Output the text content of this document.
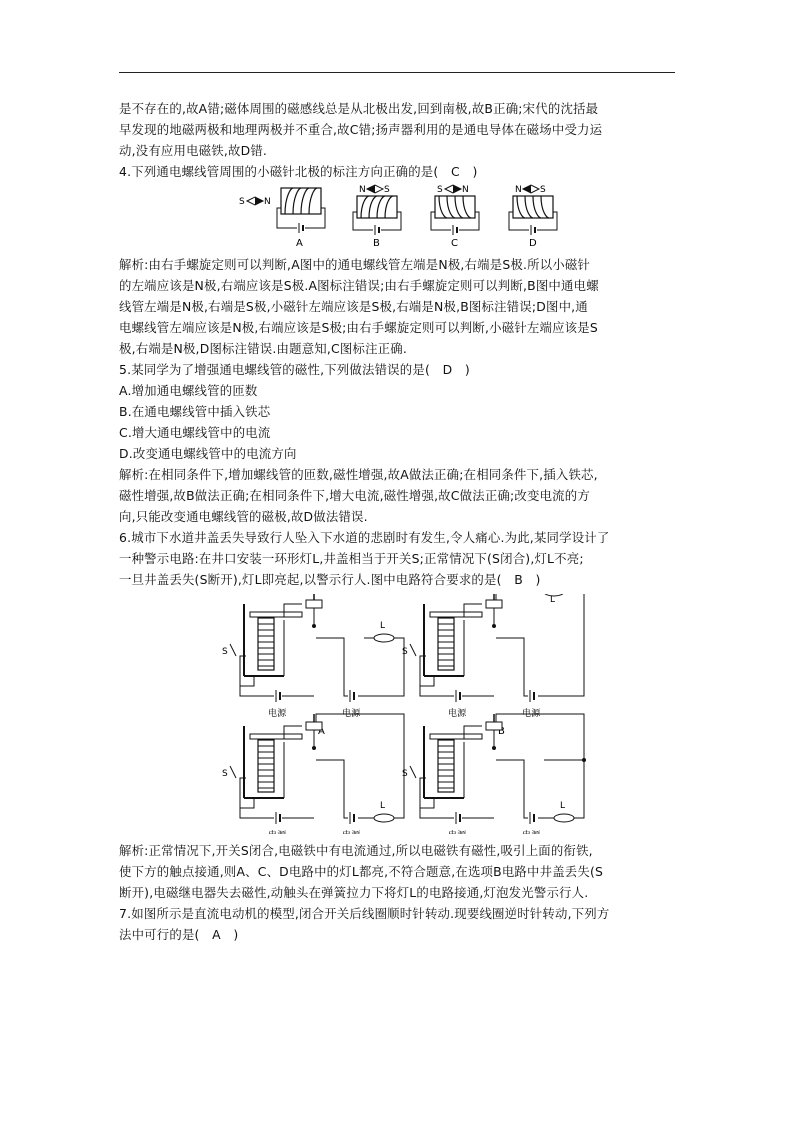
是不存在的,故A错;磁体周围的磁感线总是从北极出发,回到南极,故B正确;宋代的沈括最

早发现的地磁两极和地理两极并不重合,故C错;扬声器利用的是通电导体在磁场中受力运

动,没有应用电磁铁,故D错.

4.下列通电螺线管周围的小磁针北极的标注方向正确的是(　C　)

S N
A
N S
B
S N
C
N S
D

解析:由右手螺旋定则可以判断,A图中的通电螺线管左端是N极,右端是S极.所以小磁针

的左端应该是N极,右端应该是S极.A图标注错误;由右手螺旋定则可以判断,B图中通电螺

线管左端是N极,右端是S极,小磁针左端应该是S极,右端是N极,B图标注错误;D图中,通

电螺线管左端应该是N极,右端应该是S极;由右手螺旋定则可以判断,小磁针左端应该是S

极,右端是N极,D图标注错误.由题意知,C图标注正确.

5.某同学为了增强通电螺线管的磁性,下列做法错误的是(　D　)

A.增加通电螺线管的匝数

B.在通电螺线管中插入铁芯

C.增大通电螺线管中的电流

D.改变通电螺线管中的电流方向

解析:在相同条件下,增加螺线管的匝数,磁性增强,故A做法正确;在相同条件下,插入铁芯,

磁性增强,故B做法正确;在相同条件下,增大电流,磁性增强,故C做法正确;改变电流的方

向,只能改变通电螺线管的磁极,故D做法错误.

6.城市下水道井盖丢失导致行人坠入下水道的悲剧时有发生,令人痛心.为此,某同学设计了

一种警示电路:在井口安装一环形灯L,井盖相当于开关S;正常情况下(S闭合),灯L不亮;

一旦井盖丢失(S断开),灯L即亮起,以警示行人.图中电路符合要求的是(　B　)

S
电源	电源
L
A
S
电源	电源
L
B
S
L
S
L

解析:正常情况下,开关S闭合,电磁铁中有电流通过,所以电磁铁有磁性,吸引上面的衔铁,

使下方的触点接通,则A、C、D电路中的灯L都亮,不符合题意,在选项B电路中井盖丢失(S

断开),电磁继电器失去磁性,动触头在弹簧拉力下将灯L的电路接通,灯泡发光警示行人.

7.如图所示是直流电动机的模型,闭合开关后线圈顺时针转动.现要线圈逆时针转动,下列方

法中可行的是(　A　)
